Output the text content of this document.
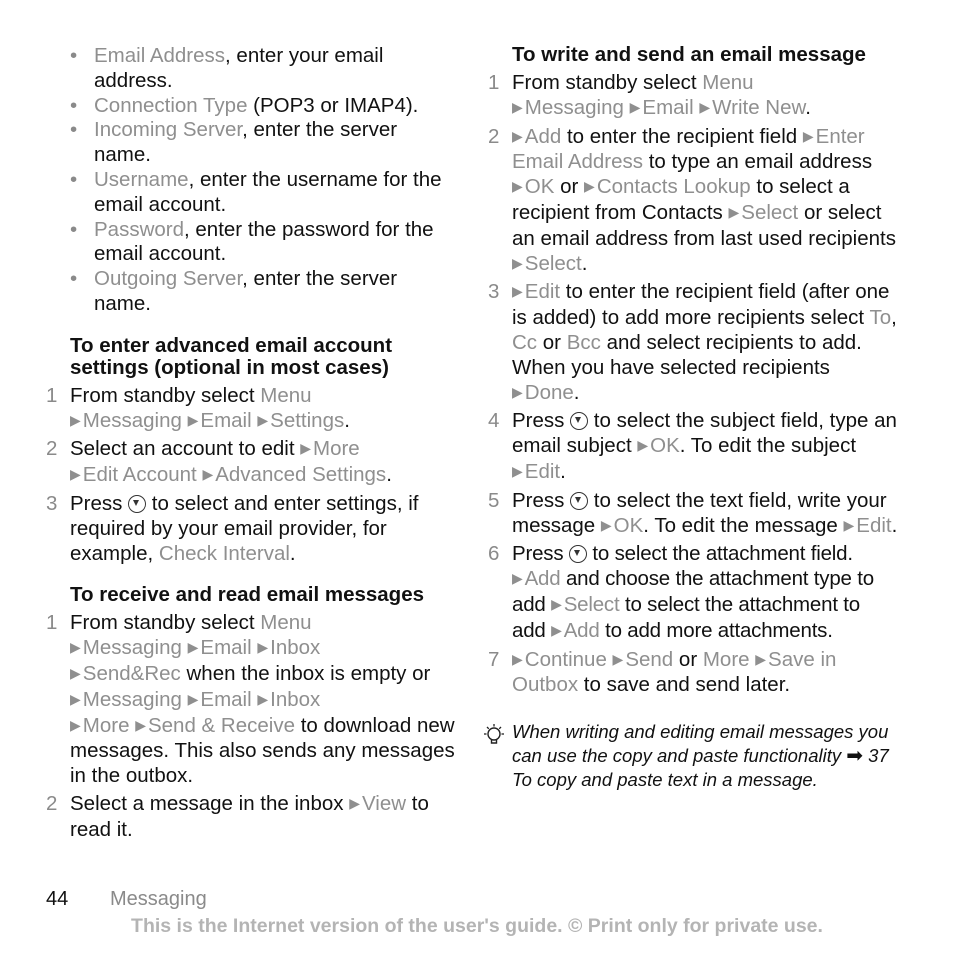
• Email Address, enter your email address.
• Connection Type (POP3 or IMAP4).
• Incoming Server, enter the server name.
• Username, enter the username for the email account.
• Password, enter the password for the email account.
• Outgoing Server, enter the server name.
To enter advanced email account settings (optional in most cases)
1 From standby select Menu
▶Messaging ▶Email ▶Settings.
2 Select an account to edit ▶More
▶Edit Account ▶Advanced Settings.
3 Press  to select and enter settings, if required by your email provider, for example, Check Interval.
To receive and read email messages
1 From standby select Menu
▶Messaging ▶Email ▶Inbox
▶Send&Rec when the inbox is empty or ▶Messaging ▶Email ▶Inbox
▶More ▶Send & Receive to download new messages. This also sends any messages in the outbox.
2 Select a message in the inbox ▶View to read it.
To write and send an email message
1 From standby select Menu
▶Messaging ▶Email ▶Write New.
2 ▶Add to enter the recipient field ▶Enter Email Address to type an email address ▶OK or ▶Contacts Lookup to select a recipient from Contacts ▶Select or select an email address from last used recipients ▶Select.
3 ▶Edit to enter the recipient field (after one is added) to add more recipients select To, Cc or Bcc and select recipients to add. When you have selected recipients ▶Done.
4 Press  to select the subject field, type an email subject ▶OK. To edit the subject ▶Edit.
5 Press  to select the text field, write your message ▶OK. To edit the message ▶Edit.
6 Press  to select the attachment field. ▶Add and choose the attachment type to add ▶Select to select the attachment to add ▶Add to add more attachments.
7 ▶Continue ▶Send or More ▶Save in Outbox to save and send later.
When writing and editing email messages you can use the copy and paste functionality ➡ 37 To copy and paste text in a message.
44 Messaging
This is the Internet version of the user's guide. © Print only for private use.
